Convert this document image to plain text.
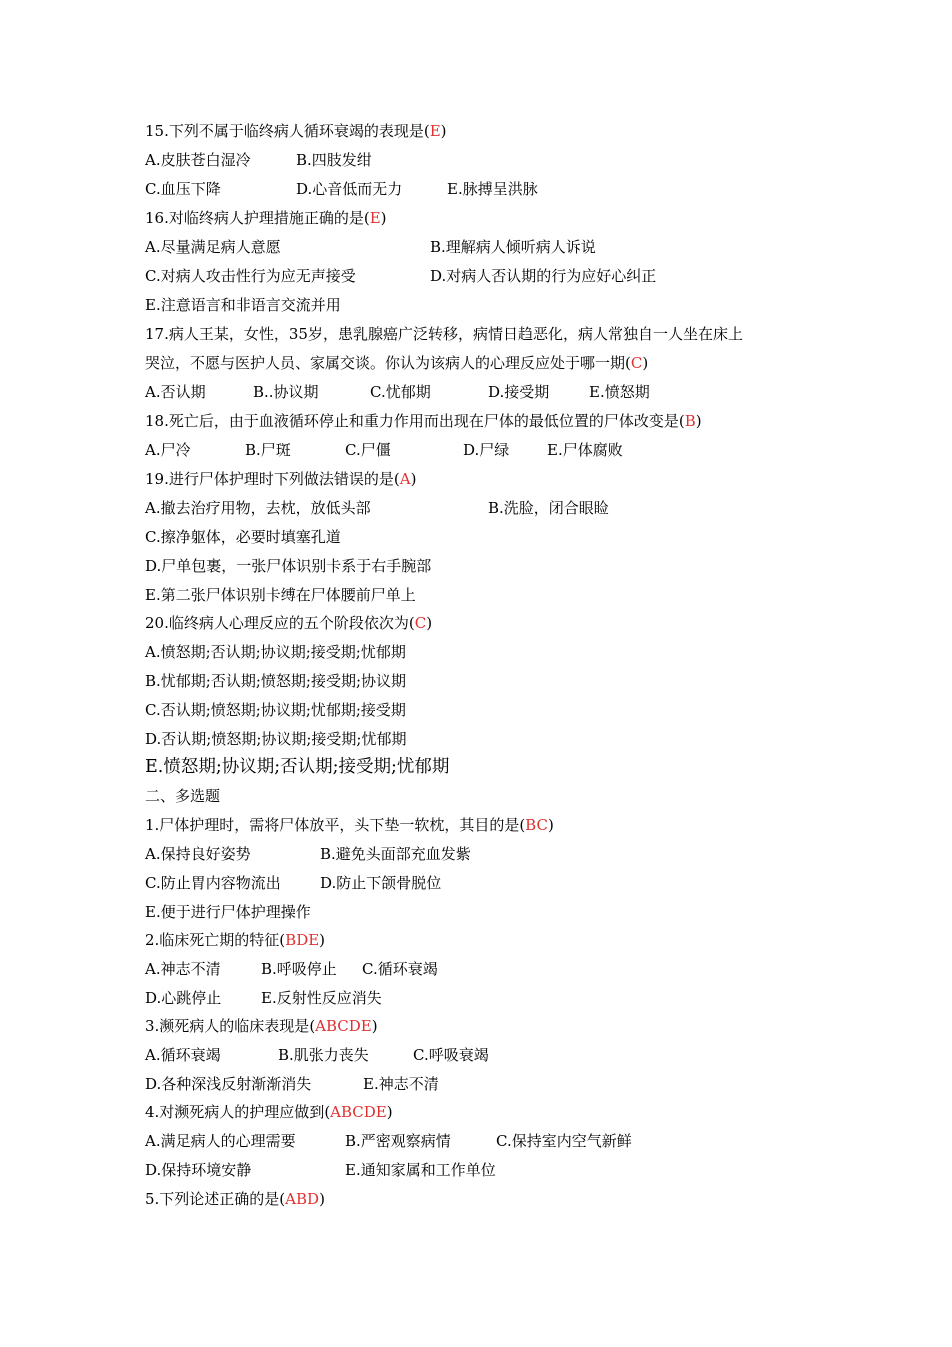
15.下列不属于临终病人循环衰竭的表现是(E)
A.皮肤苍白湿冷	B.四肢发绀
C.血压下降	D.心音低而无力	E.脉搏呈洪脉
16.对临终病人护理措施正确的是(E)
A.尽量满足病人意愿	B.理解病人倾听病人诉说
C.对病人攻击性行为应无声接受	D.对病人否认期的行为应好心纠正
E.注意语言和非语言交流并用
17.病人王某，女性，35岁，患乳腺癌广泛转移，病情日趋恶化，病人常独自一人坐在床上
哭泣，不愿与医护人员、家属交谈。你认为该病人的心理反应处于哪一期(C)
A.否认期	B..协议期	C.忧郁期	D.接受期	E.愤怒期
18.死亡后，由于血液循环停止和重力作用而出现在尸体的最低位置的尸体改变是(B)
A.尸冷	B.尸斑	C.尸僵	D.尸绿	E.尸体腐败
19.进行尸体护理时下列做法错误的是(A)
A.撤去治疗用物，去枕，放低头部	B.洗脸，闭合眼睑
C.擦净躯体，必要时填塞孔道
D.尸单包裹，一张尸体识别卡系于右手腕部
E.第二张尸体识别卡缚在尸体腰前尸单上
20.临终病人心理反应的五个阶段依次为(C)
A.愤怒期;否认期;协议期;接受期;忧郁期
B.忧郁期;否认期;愤怒期;接受期;协议期
C.否认期;愤怒期;协议期;忧郁期;接受期
D.否认期;愤怒期;协议期;接受期;忧郁期
E.愤怒期;协议期;否认期;接受期;忧郁期
二、多选题
1.尸体护理时，需将尸体放平，头下垫一软枕，其目的是(BC)
A.保持良好姿势	B.避免头面部充血发紫
C.防止胃内容物流出	D.防止下颌骨脱位
E.便于进行尸体护理操作
2.临床死亡期的特征(BDE)
A.神志不清	B.呼吸停止 C.循环衰竭
D.心跳停止	E.反射性反应消失
3.濒死病人的临床表现是(ABCDE)
A.循环衰竭	B.肌张力丧失	C.呼吸衰竭
D.各种深浅反射渐渐消失	E.神志不清
4.对濒死病人的护理应做到(ABCDE)
A.满足病人的心理需要	B.严密观察病情	C.保持室内空气新鲜
D.保持环境安静	E.通知家属和工作单位
5.下列论述正确的是(ABD)
